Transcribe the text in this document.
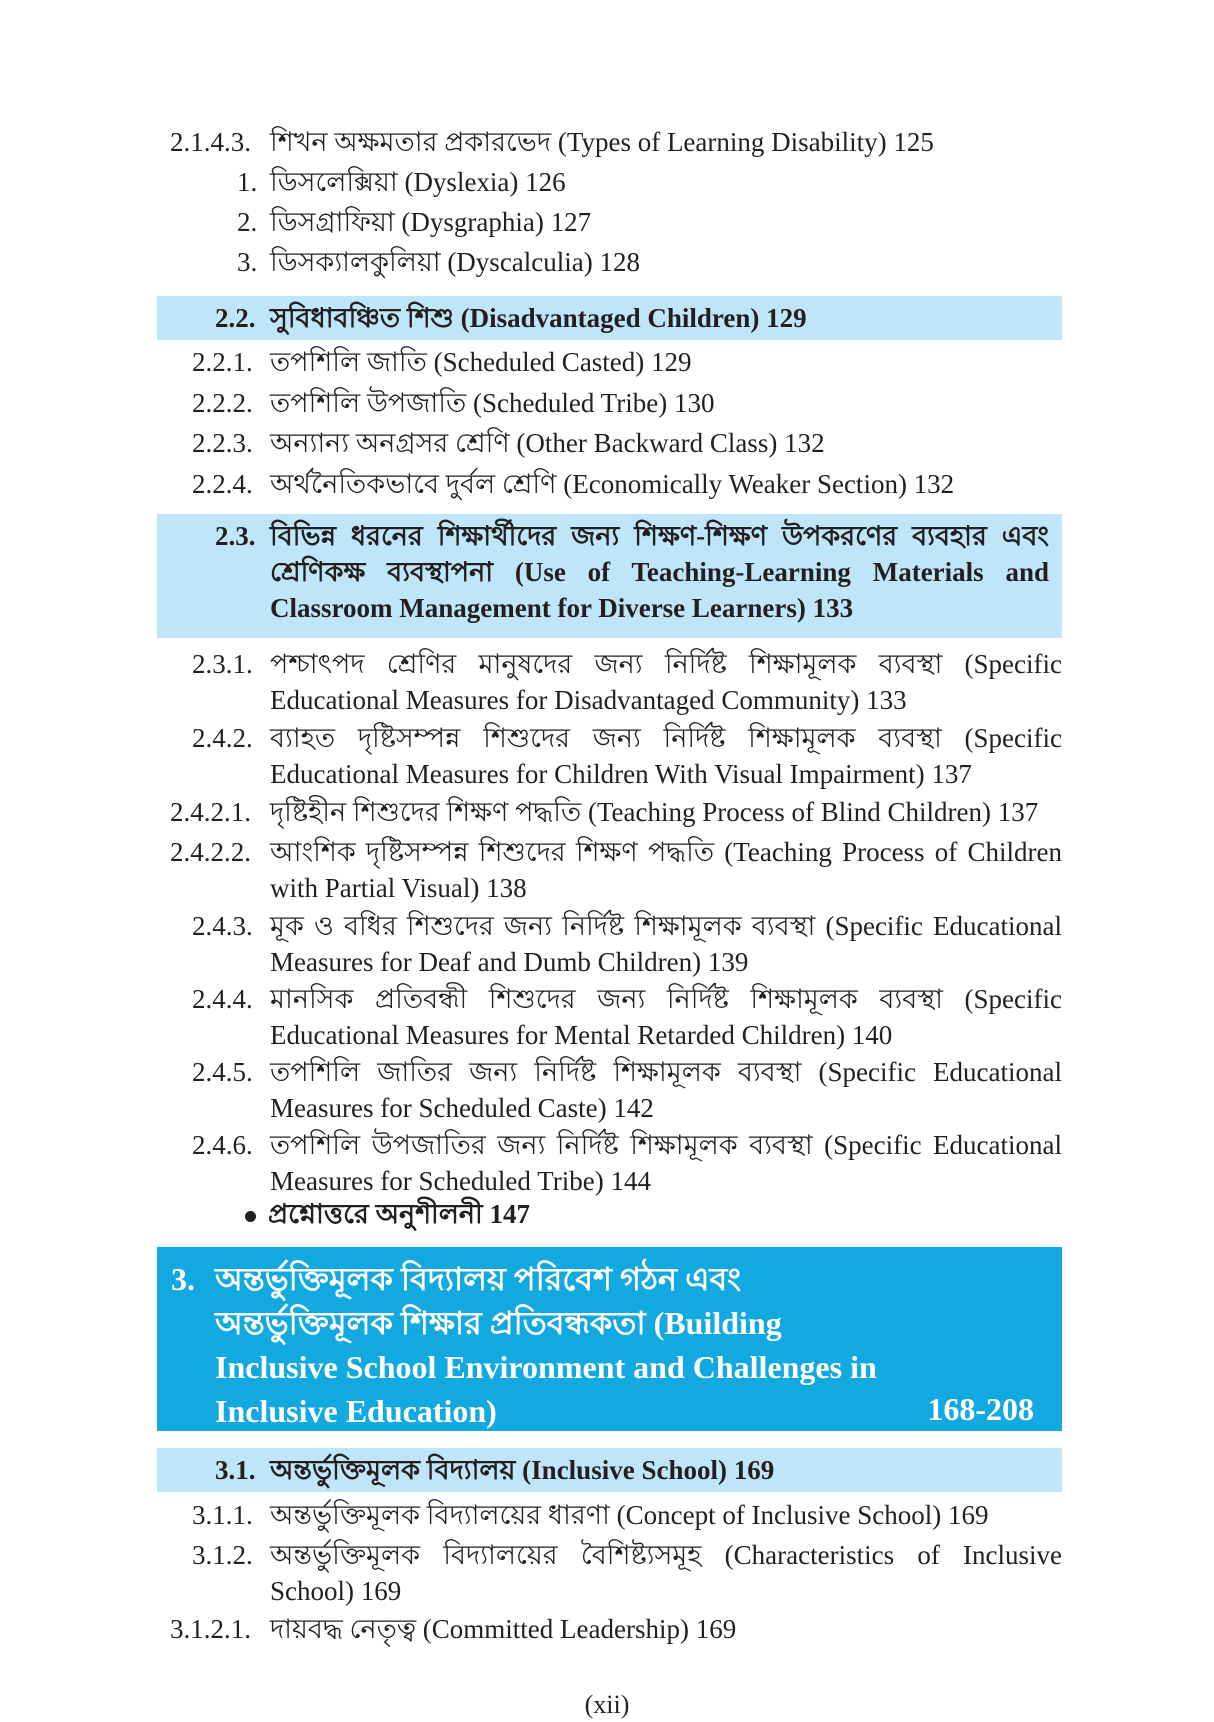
2.1.4.3. শিখন অক্ষমতার প্রকারভেদ (Types of Learning Disability) 125
1. ডিসলেক্সিয়া (Dyslexia) 126
2. ডিসগ্রাফিয়া (Dysgraphia) 127
3. ডিসক্যালকুলিয়া (Dyscalculia) 128
2.2. সুবিধাবঞ্চিত শিশু (Disadvantaged Children) 129
2.2.1. তপশিলি জাতি (Scheduled Casted) 129
2.2.2. তপশিলি উপজাতি (Scheduled Tribe) 130
2.2.3. অন্যান্য অনগ্রসর শ্রেণি (Other Backward Class) 132
2.2.4. অর্থনৈতিকভাবে দুর্বল শ্রেণি (Economically Weaker Section) 132
2.3. বিভিন্ন ধরনের শিক্ষার্থীদের জন্য শিক্ষণ-শিক্ষণ উপকরণের ব্যবহার এবং শ্রেণিকক্ষ ব্যবস্থাপনা (Use of Teaching-Learning Materials and Classroom Management for Diverse Learners) 133
2.3.1. পশ্চাৎপদ শ্রেণির মানুষদের জন্য নির্দিষ্ট শিক্ষামূলক ব্যবস্থা (Specific Educational Measures for Disadvantaged Community) 133
2.4.2. ব্যাহত দৃষ্টিসম্পন্ন শিশুদের জন্য নির্দিষ্ট শিক্ষামূলক ব্যবস্থা (Specific Educational Measures for Children With Visual Impairment) 137
2.4.2.1. দৃষ্টিহীন শিশুদের শিক্ষণ পদ্ধতি (Teaching Process of Blind Children) 137
2.4.2.2. আংশিক দৃষ্টিসম্পন্ন শিশুদের শিক্ষণ পদ্ধতি (Teaching Process of Children with Partial Visual) 138
2.4.3. মূক ও বধির শিশুদের জন্য নির্দিষ্ট শিক্ষামূলক ব্যবস্থা (Specific Educational Measures for Deaf and Dumb Children) 139
2.4.4. মানসিক প্রতিবন্ধী শিশুদের জন্য নির্দিষ্ট শিক্ষামূলক ব্যবস্থা (Specific Educational Measures for Mental Retarded Children) 140
2.4.5. তপশিলি জাতির জন্য নির্দিষ্ট শিক্ষামূলক ব্যবস্থা (Specific Educational Measures for Scheduled Caste) 142
2.4.6. তপশিলি উপজাতির জন্য নির্দিষ্ট শিক্ষামূলক ব্যবস্থা (Specific Educational Measures for Scheduled Tribe) 144
প্রশ্নোত্তরে অনুশীলনী 147
3. অন্তর্ভুক্তিমূলক বিদ্যালয় পরিবেশ গঠন এবং অন্তর্ভুক্তিমূলক শিক্ষার প্রতিবন্ধকতা (Building Inclusive School Environment and Challenges in Inclusive Education)	168-208
3.1. অন্তর্ভুক্তিমূলক বিদ্যালয় (Inclusive School) 169
3.1.1. অন্তর্ভুক্তিমূলক বিদ্যালয়ের ধারণা (Concept of Inclusive School) 169
3.1.2. অন্তর্ভুক্তিমূলক বিদ্যালয়ের বৈশিষ্ট্যসমূহ (Characteristics of Inclusive School) 169
3.1.2.1. দায়বদ্ধ নেতৃত্ব (Committed Leadership) 169
(xii)
